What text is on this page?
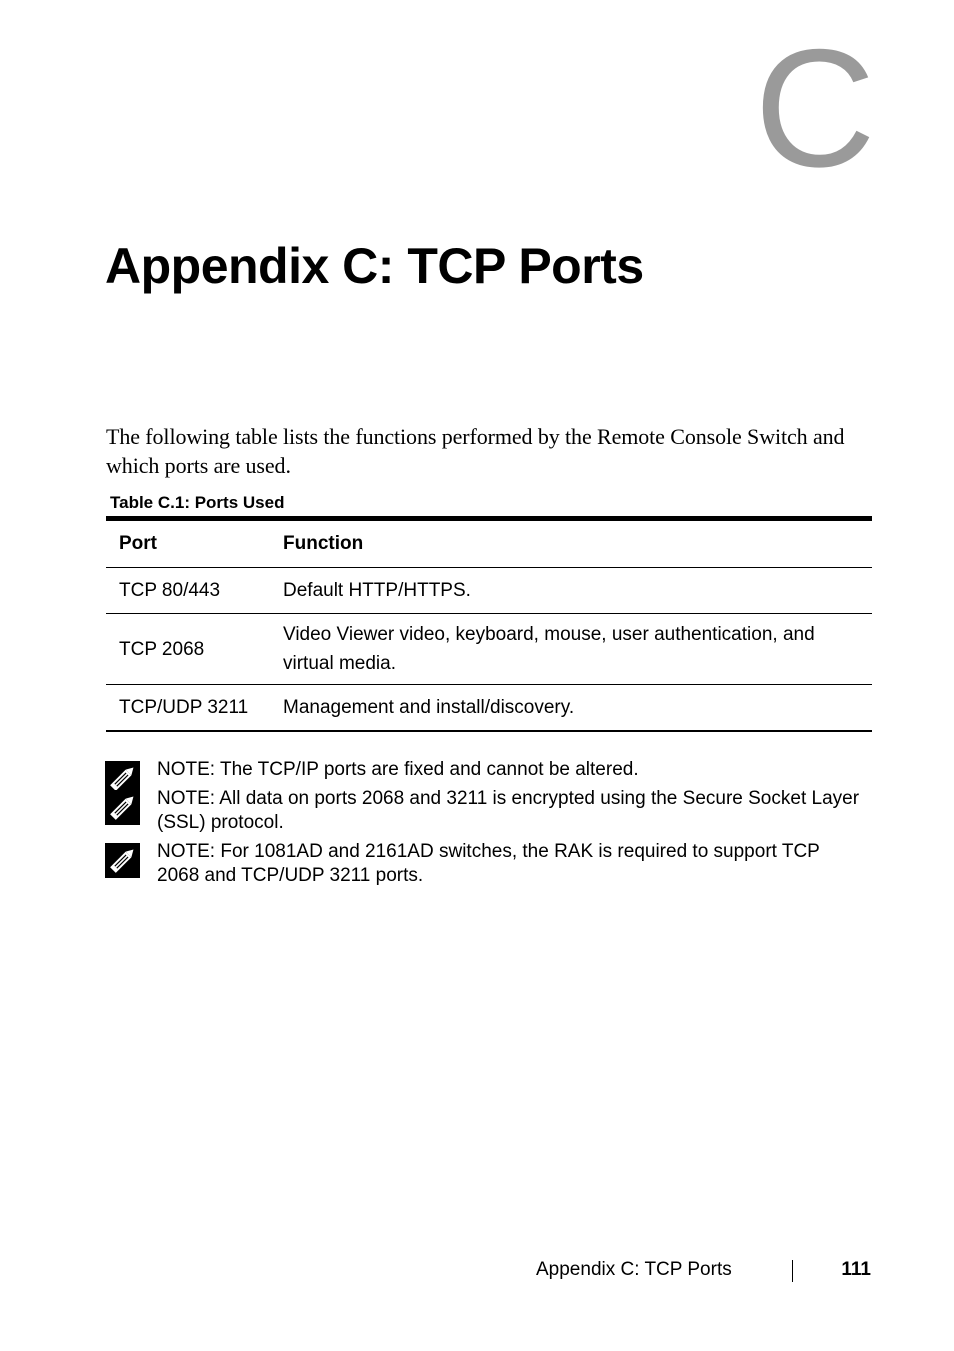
C
Appendix C: TCP Ports

The following table lists the functions performed by the Remote Console Switch and which ports are used.

Table C.1: Ports Used

Port	Function
TCP 80/443	Default HTTP/HTTPS.
TCP 2068	Video Viewer video, keyboard, mouse, user authentication, and virtual media.
TCP/UDP 3211	Management and install/discovery.
NOTE: The TCP/IP ports are fixed and cannot be altered.
NOTE: All data on ports 2068 and 3211 is encrypted using the Secure Socket Layer (SSL) protocol.
NOTE: For 1081AD and 2161AD switches, the RAK is required to support TCP 2068 and TCP/UDP 3211 ports.
Appendix C: TCP Ports	111
